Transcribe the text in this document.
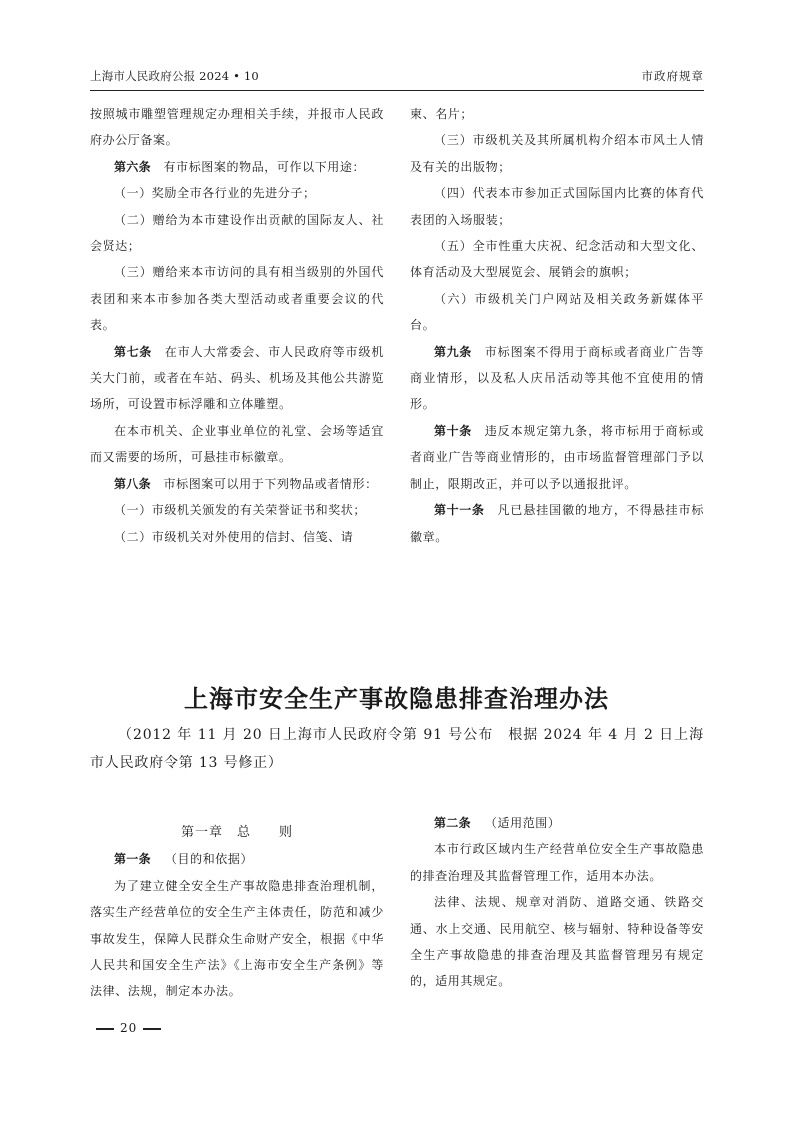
上海市人民政府公报 2024 • 10	市政府规章

按照城市雕塑管理规定办理相关手续，并报市人民政府办公厅备案。

第六条　有市标图案的物品，可作以下用途：

（一）奖励全市各行业的先进分子；

（二）赠给为本市建设作出贡献的国际友人、社会贤达；

（三）赠给来本市访问的具有相当级别的外国代表团和来本市参加各类大型活动或者重要会议的代表。

第七条　在市人大常委会、市人民政府等市级机关大门前，或者在车站、码头、机场及其他公共游览场所，可设置市标浮雕和立体雕塑。

在本市机关、企业事业单位的礼堂、会场等适宜而又需要的场所，可悬挂市标徽章。

第八条　市标图案可以用于下列物品或者情形：

（一）市级机关颁发的有关荣誉证书和奖状；

（二）市级机关对外使用的信封、信笺、请

柬、名片；

（三）市级机关及其所属机构介绍本市风土人情及有关的出版物；

（四）代表本市参加正式国际国内比赛的体育代表团的入场服装；

（五）全市性重大庆祝、纪念活动和大型文化、体育活动及大型展览会、展销会的旗帜；

（六）市级机关门户网站及相关政务新媒体平台。

第九条　市标图案不得用于商标或者商业广告等商业情形，以及私人庆吊活动等其他不宜使用的情形。

第十条　违反本规定第九条，将市标用于商标或者商业广告等商业情形的，由市场监督管理部门予以制止，限期改正，并可以予以通报批评。

第十一条　凡已悬挂国徽的地方，不得悬挂市标徽章。

上海市安全生产事故隐患排查治理办法

（2012 年 11 月 20 日上海市人民政府令第 91 号公布　根据 2024 年 4 月 2 日上海市人民政府令第 13 号修正）

第一章　总　　则

第一条 （目的和依据）

为了建立健全安全生产事故隐患排查治理机制，落实生产经营单位的安全生产主体责任，防范和减少事故发生，保障人民群众生命财产安全，根据《中华人民共和国安全生产法》《上海市安全生产条例》等法律、法规，制定本办法。

第二条 （适用范围）

本市行政区域内生产经营单位安全生产事故隐患的排查治理及其监督管理工作，适用本办法。

法律、法规、规章对消防、道路交通、铁路交通、水上交通、民用航空、核与辐射、特种设备等安全生产事故隐患的排查治理及其监督管理另有规定的，适用其规定。

20
